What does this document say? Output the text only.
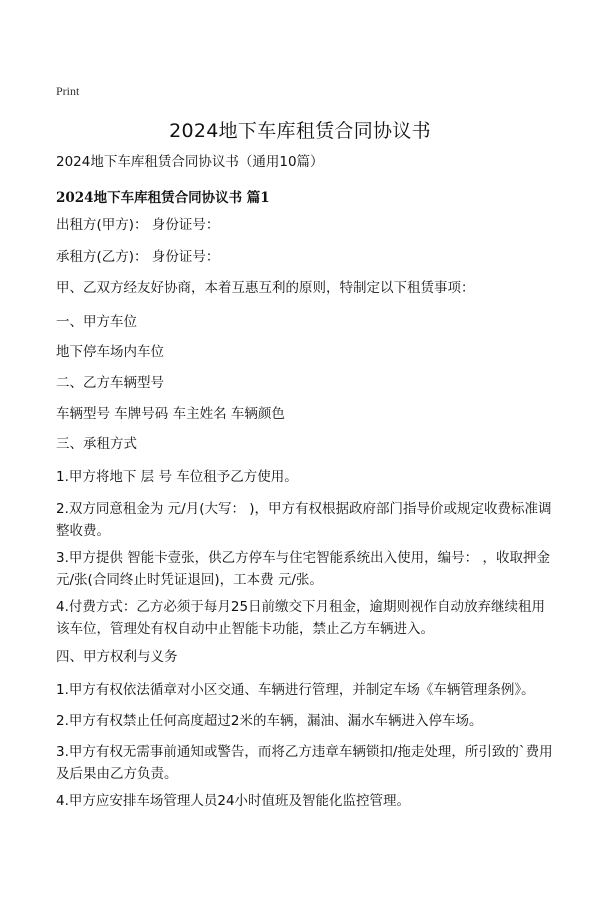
Print
2024地下车库租赁合同协议书
2024地下车库租赁合同协议书（通用10篇）
2024地下车库租赁合同协议书 篇1
出租方(甲方)： 身份证号：
承租方(乙方)： 身份证号：
甲、乙双方经友好协商，本着互惠互利的原则，特制定以下租赁事项：
一、甲方车位
地下停车场内车位
二、乙方车辆型号
车辆型号 车牌号码 车主姓名 车辆颜色
三、承租方式
1.甲方将地下 层 号 车位租予乙方使用。
2.双方同意租金为 元/月(大写： )，甲方有权根据政府部门指导价或规定收费标准调整收费。
3.甲方提供 智能卡壹张，供乙方停车与住宅智能系统出入使用，编号： ，收取押金 元/张(合同终止时凭证退回)，工本费 元/张。
4.付费方式：乙方必须于每月25日前缴交下月租金，逾期则视作自动放弃继续租用该车位，管理处有权自动中止智能卡功能，禁止乙方车辆进入。
四、甲方权利与义务
1.甲方有权依法循章对小区交通、车辆进行管理，并制定车场《车辆管理条例》。
2.甲方有权禁止任何高度超过2米的车辆，漏油、漏水车辆进入停车场。
3.甲方有权无需事前通知或警告，而将乙方违章车辆锁扣/拖走处理，所引致的`费用及后果由乙方负责。
4.甲方应安排车场管理人员24小时值班及智能化监控管理。
